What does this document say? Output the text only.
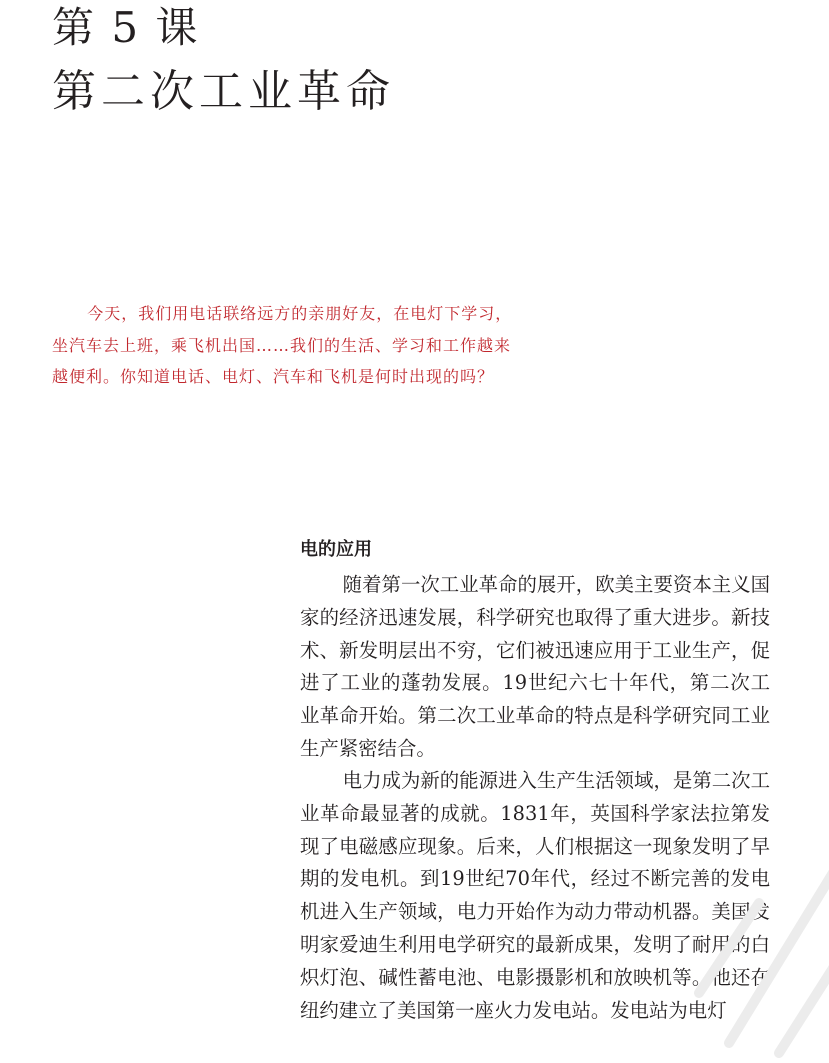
第 5 课
第二次工业革命

今天，我们用电话联络远方的亲朋好友，在电灯下学习，坐汽车去上班，乘飞机出国……我们的生活、学习和工作越来越便利。你知道电话、电灯、汽车和飞机是何时出现的吗？

电的应用

随着第一次工业革命的展开，欧美主要资本主义国家的经济迅速发展，科学研究也取得了重大进步。新技术、新发明层出不穷，它们被迅速应用于工业生产，促进了工业的蓬勃发展。19世纪六七十年代，第二次工业革命开始。第二次工业革命的特点是科学研究同工业生产紧密结合。

电力成为新的能源进入生产生活领域，是第二次工业革命最显著的成就。1831年，英国科学家法拉第发现了电磁感应现象。后来，人们根据这一现象发明了早期的发电机。到19世纪70年代，经过不断完善的发电机进入生产领域，电力开始作为动力带动机器。美国发明家爱迪生利用电学研究的最新成果，发明了耐用的白炽灯泡、碱性蓄电池、电影摄影机和放映机等。他还在纽约建立了美国第一座火力发电站。发电站为电灯
